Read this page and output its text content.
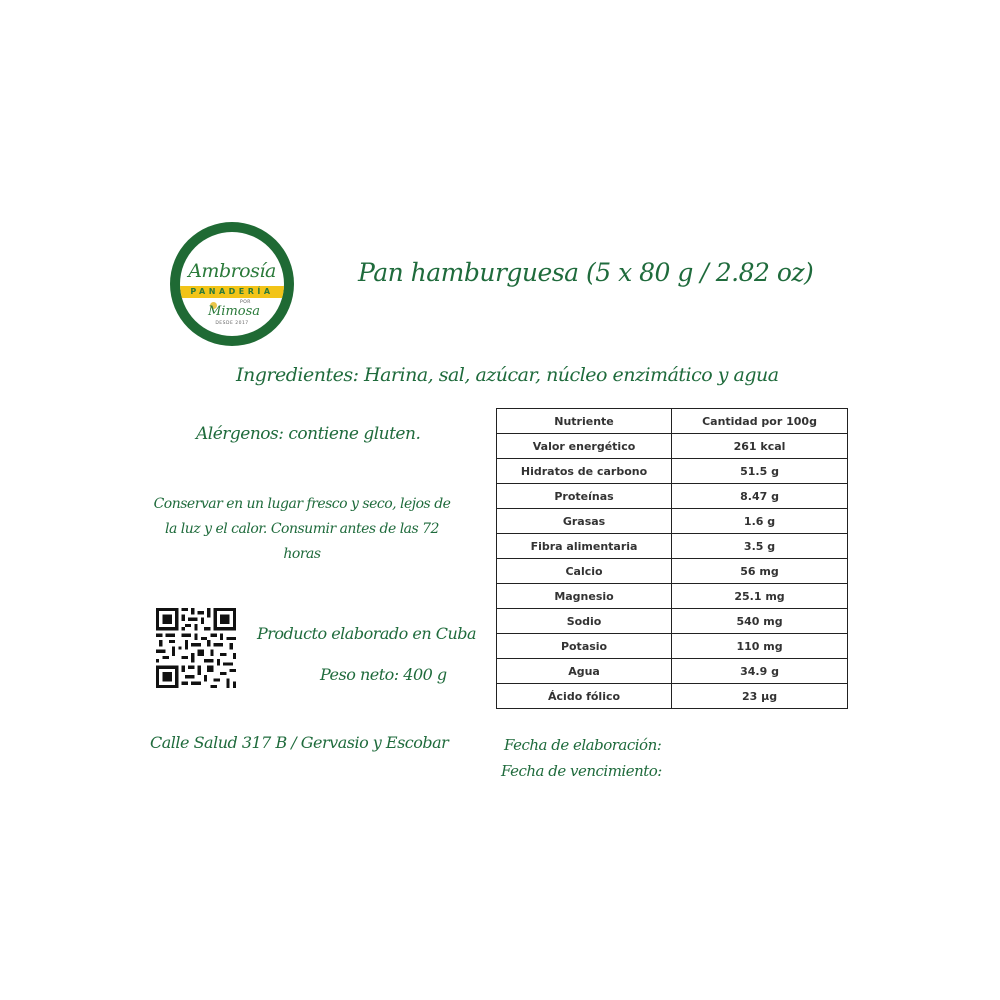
Ambrosía
PANADERÍA
Mimosa
POR
DESDE 2017
Pan hamburguesa (5 x 80 g / 2.82 oz)
Ingredientes: Harina, sal, azúcar, núcleo enzimático y agua
Alérgenos: contiene gluten.
Conservar en un lugar fresco y seco, lejos de la luz y el calor. Consumir antes de las 72 horas
Producto elaborado en Cuba
Peso neto: 400 g
Calle Salud 317 B / Gervasio y Escobar	Fecha de elaboración:
Fecha de vencimiento:
Nutriente	Cantidad por 100g
Valor energético	261 kcal
Hidratos de carbono	51.5 g
Proteínas	8.47 g
Grasas	1.6 g
Fibra alimentaria	3.5 g
Calcio	56 mg
Magnesio	25.1 mg
Sodio	540 mg
Potasio	110 mg
Agua	34.9 g
Ácido fólico	23 µg
